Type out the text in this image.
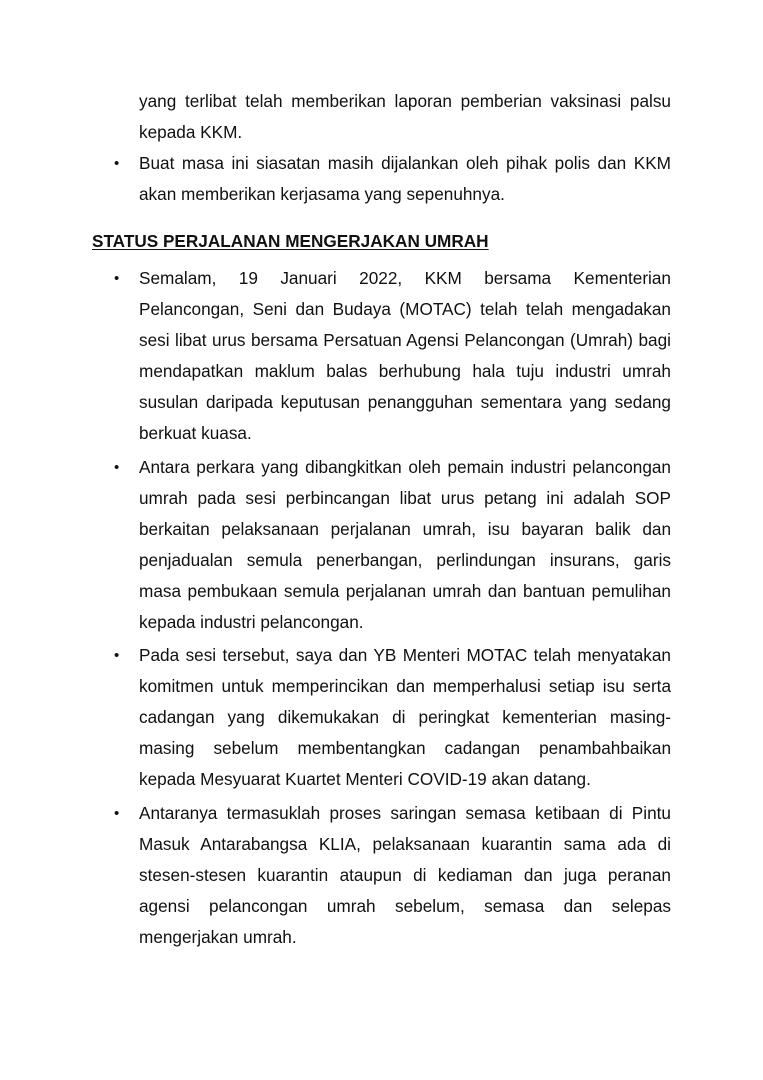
yang terlibat telah memberikan laporan pemberian vaksinasi palsu kepada KKM.

• Buat masa ini siasatan masih dijalankan oleh pihak polis dan KKM akan memberikan kerjasama yang sepenuhnya.

STATUS PERJALANAN MENGERJAKAN UMRAH
• Semalam, 19 Januari 2022, KKM bersama Kementerian Pelancongan, Seni dan Budaya (MOTAC) telah telah mengadakan sesi libat urus bersama Persatuan Agensi Pelancongan (Umrah) bagi mendapatkan maklum balas berhubung hala tuju industri umrah susulan daripada keputusan penangguhan sementara yang sedang berkuat kuasa.

• Antara perkara yang dibangkitkan oleh pemain industri pelancongan umrah pada sesi perbincangan libat urus petang ini adalah SOP berkaitan pelaksanaan perjalanan umrah, isu bayaran balik dan penjadualan semula penerbangan, perlindungan insurans, garis masa pembukaan semula perjalanan umrah dan bantuan pemulihan kepada industri pelancongan.

• Pada sesi tersebut, saya dan YB Menteri MOTAC telah menyatakan komitmen untuk memperincikan dan memperhalusi setiap isu serta cadangan yang dikemukakan di peringkat kementerian masing-masing sebelum membentangkan cadangan penambahbaikan kepada Mesyuarat Kuartet Menteri COVID-19 akan datang.

• Antaranya termasuklah proses saringan semasa ketibaan di Pintu Masuk Antarabangsa KLIA, pelaksanaan kuarantin sama ada di stesen-stesen kuarantin ataupun di kediaman dan juga peranan agensi pelancongan umrah sebelum, semasa dan selepas mengerjakan umrah.
